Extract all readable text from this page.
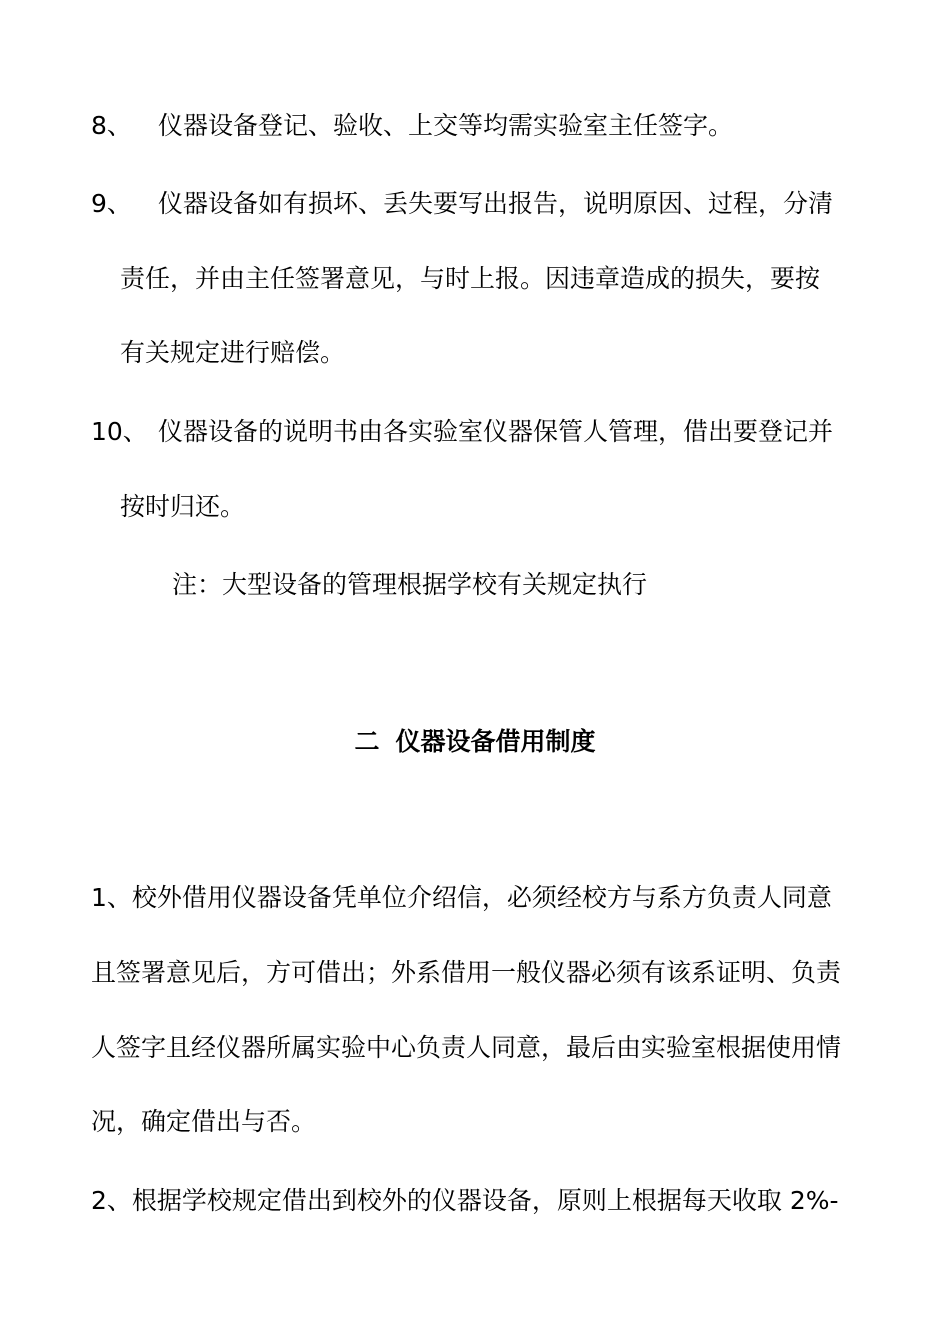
8、 仪器设备登记、验收、上交等均需实验室主任签字。
9、 仪器设备如有损坏、丢失要写出报告，说明原因、过程，分清
责任，并由主任签署意见，与时上报。因违章造成的损失，要按
有关规定进行赔偿。
10、 仪器设备的说明书由各实验室仪器保管人管理，借出要登记并
按时归还。
注：大型设备的管理根据学校有关规定执行
二 仪器设备借用制度
1、校外借用仪器设备凭单位介绍信，必须经校方与系方负责人同意
且签署意见后，方可借出；外系借用一般仪器必须有该系证明、负责
人签字且经仪器所属实验中心负责人同意，最后由实验室根据使用情
况，确定借出与否。
2、根据学校规定借出到校外的仪器设备，原则上根据每天收取 2%-
